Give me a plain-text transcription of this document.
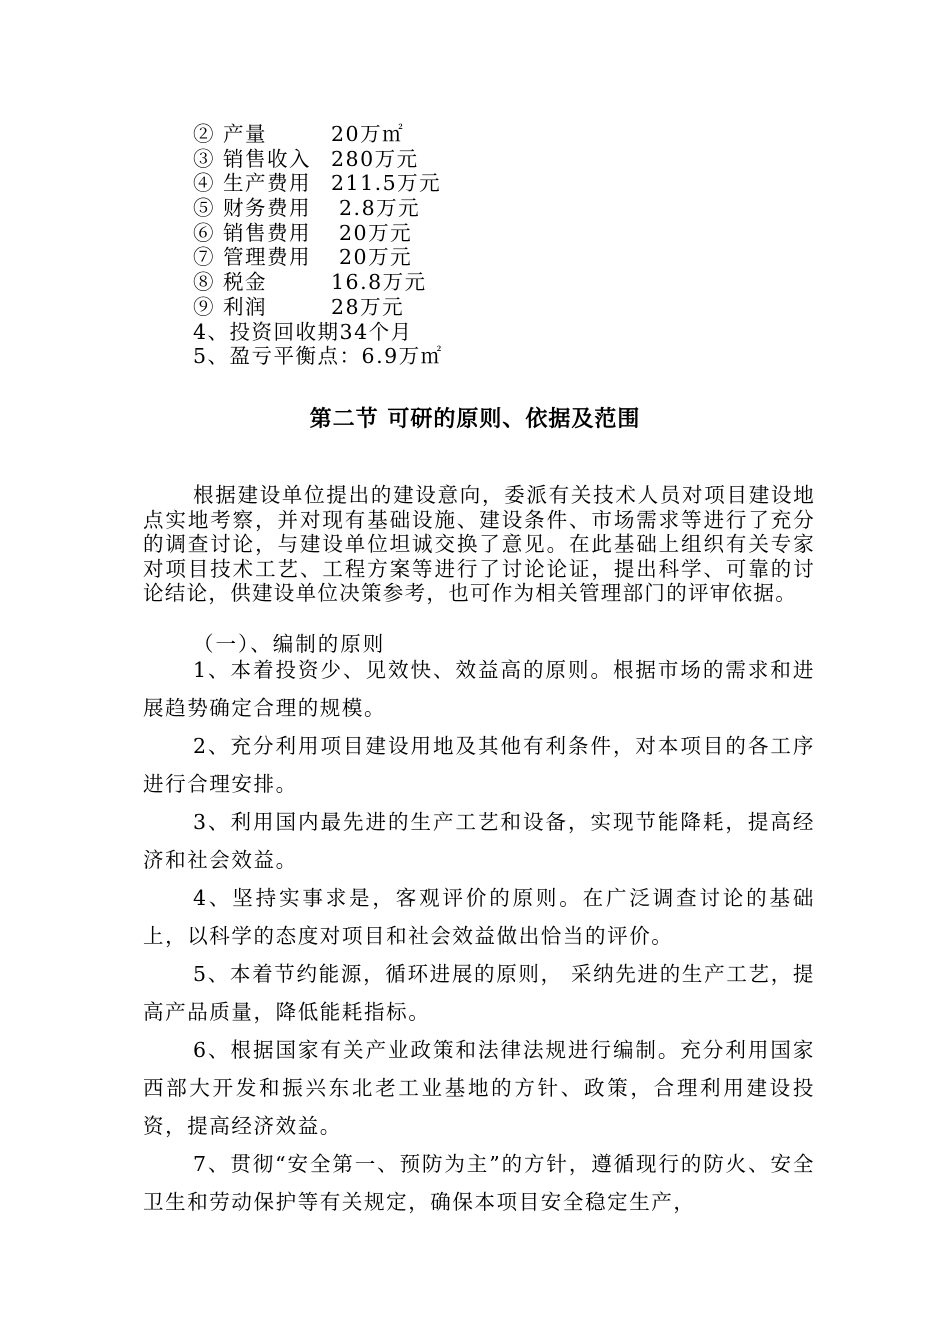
② 产量	20万㎡
③ 销售收入 280万元
④ 生产费用 211.5万元
⑤ 财务费用 2.8万元
⑥ 销售费用 20万元
⑦ 管理费用 20万元
⑧ 税金	16.8万元
⑨ 利润	28万元
4、投资回收期34个月
5、盈亏平衡点：6.9万㎡
第二节 可研的原则、依据及范围

根据建设单位提出的建设意向，委派有关技术人员对项目建设地点实地考察，并对现有基础设施、建设条件、市场需求等进行了充分的调查讨论，与建设单位坦诚交换了意见。在此基础上组织有关专家对项目技术工艺、工程方案等进行了讨论论证，提出科学、可靠的讨论结论，供建设单位决策参考，也可作为相关管理部门的评审依据。

（一）、编制的原则

1、本着投资少、见效快、效益高的原则。根据市场的需求和进展趋势确定合理的规模。

2、充分利用项目建设用地及其他有利条件，对本项目的各工序进行合理安排。

3、利用国内最先进的生产工艺和设备，实现节能降耗，提高经济和社会效益。

4、坚持实事求是，客观评价的原则。在广泛调查讨论的基础上，以科学的态度对项目和社会效益做出恰当的评价。

5、本着节约能源，循环进展的原则， 采纳先进的生产工艺，提高产品质量，降低能耗指标。

6、根据国家有关产业政策和法律法规进行编制。充分利用国家西部大开发和振兴东北老工业基地的方针、政策，合理利用建设投资，提高经济效益。

7、贯彻“安全第一、预防为主”的方针，遵循现行的防火、安全卫生和劳动保护等有关规定，确保本项目安全稳定生产，
